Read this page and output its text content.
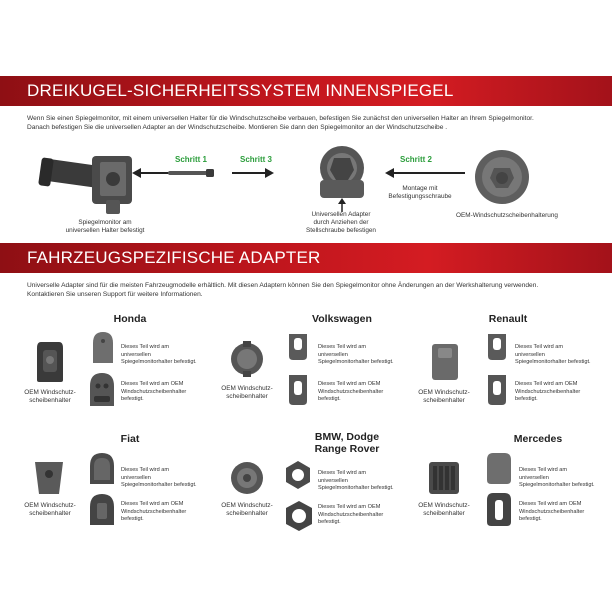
DREIKUGEL-SICHERHEITSSYSTEM INNENSPIEGEL
Wenn Sie einen Spiegelmonitor, mit einem universellen Halter für die Windschutzscheibe verbauen, befestigen Sie zunächst den universellen Halter an Ihrem Spiegelmonitor.
Danach befestigen Sie die universellen Adapter an der Windschutzscheibe. Montieren Sie dann den Spiegelmonitor an der Windschutzscheibe .
Spiegelmonitor am
universellen Halter befestigt
Schritt 1	Schritt 3
Universellen Adapter
durch Anziehen der
Stellschraube befestigen
Schritt 2
Montage mit
Befestigungsschraube
OEM-Windschutzscheibenhalterung
FAHRZEUGSPEZIFISCHE ADAPTER
Universelle Adapter sind für die meisten Fahrzeugmodelle erhältlich. Mit diesen Adaptern können Sie den Spiegelmonitor ohne Änderungen an der Werkshalterung verwenden.
Kontaktieren Sie unseren Support für weitere Informationen.
Honda
OEM Windschutz-
scheibenhalter
Dieses Teil wird am universellen
Spiegelmonitorhalter befestigt.
Dieses Teil wird am OEM
Windschutzscheibenhalter
befestigt.
Volkswagen
OEM Windschutz-
scheibenhalter
Dieses Teil wird am universellen
Spiegelmonitorhalter befestigt.
Dieses Teil wird am OEM
Windschutzscheibenhalter
befestigt.
Renault
OEM Windschutz-
scheibenhalter
Dieses Teil wird am universellen
Spiegelmonitorhalter befestigt.
Dieses Teil wird am OEM
Windschutzscheibenhalter
befestigt.
Fiat
OEM Windschutz-
scheibenhalter
Dieses Teil wird am universellen
Spiegelmonitorhalter befestigt.
Dieses Teil wird am OEM
Windschutzscheibenhalter
befestigt.
BMW, Dodge
Range Rover
OEM Windschutz-
scheibenhalter
Dieses Teil wird am universellen
Spiegelmonitorhalter befestigt.
Dieses Teil wird am OEM
Windschutzscheibenhalter
befestigt.
Mercedes
OEM Windschutz-
scheibenhalter
Dieses Teil wird am universellen
Spiegelmonitorhalter befestigt.
Dieses Teil wird am OEM
Windschutzscheibenhalter
befestigt.
